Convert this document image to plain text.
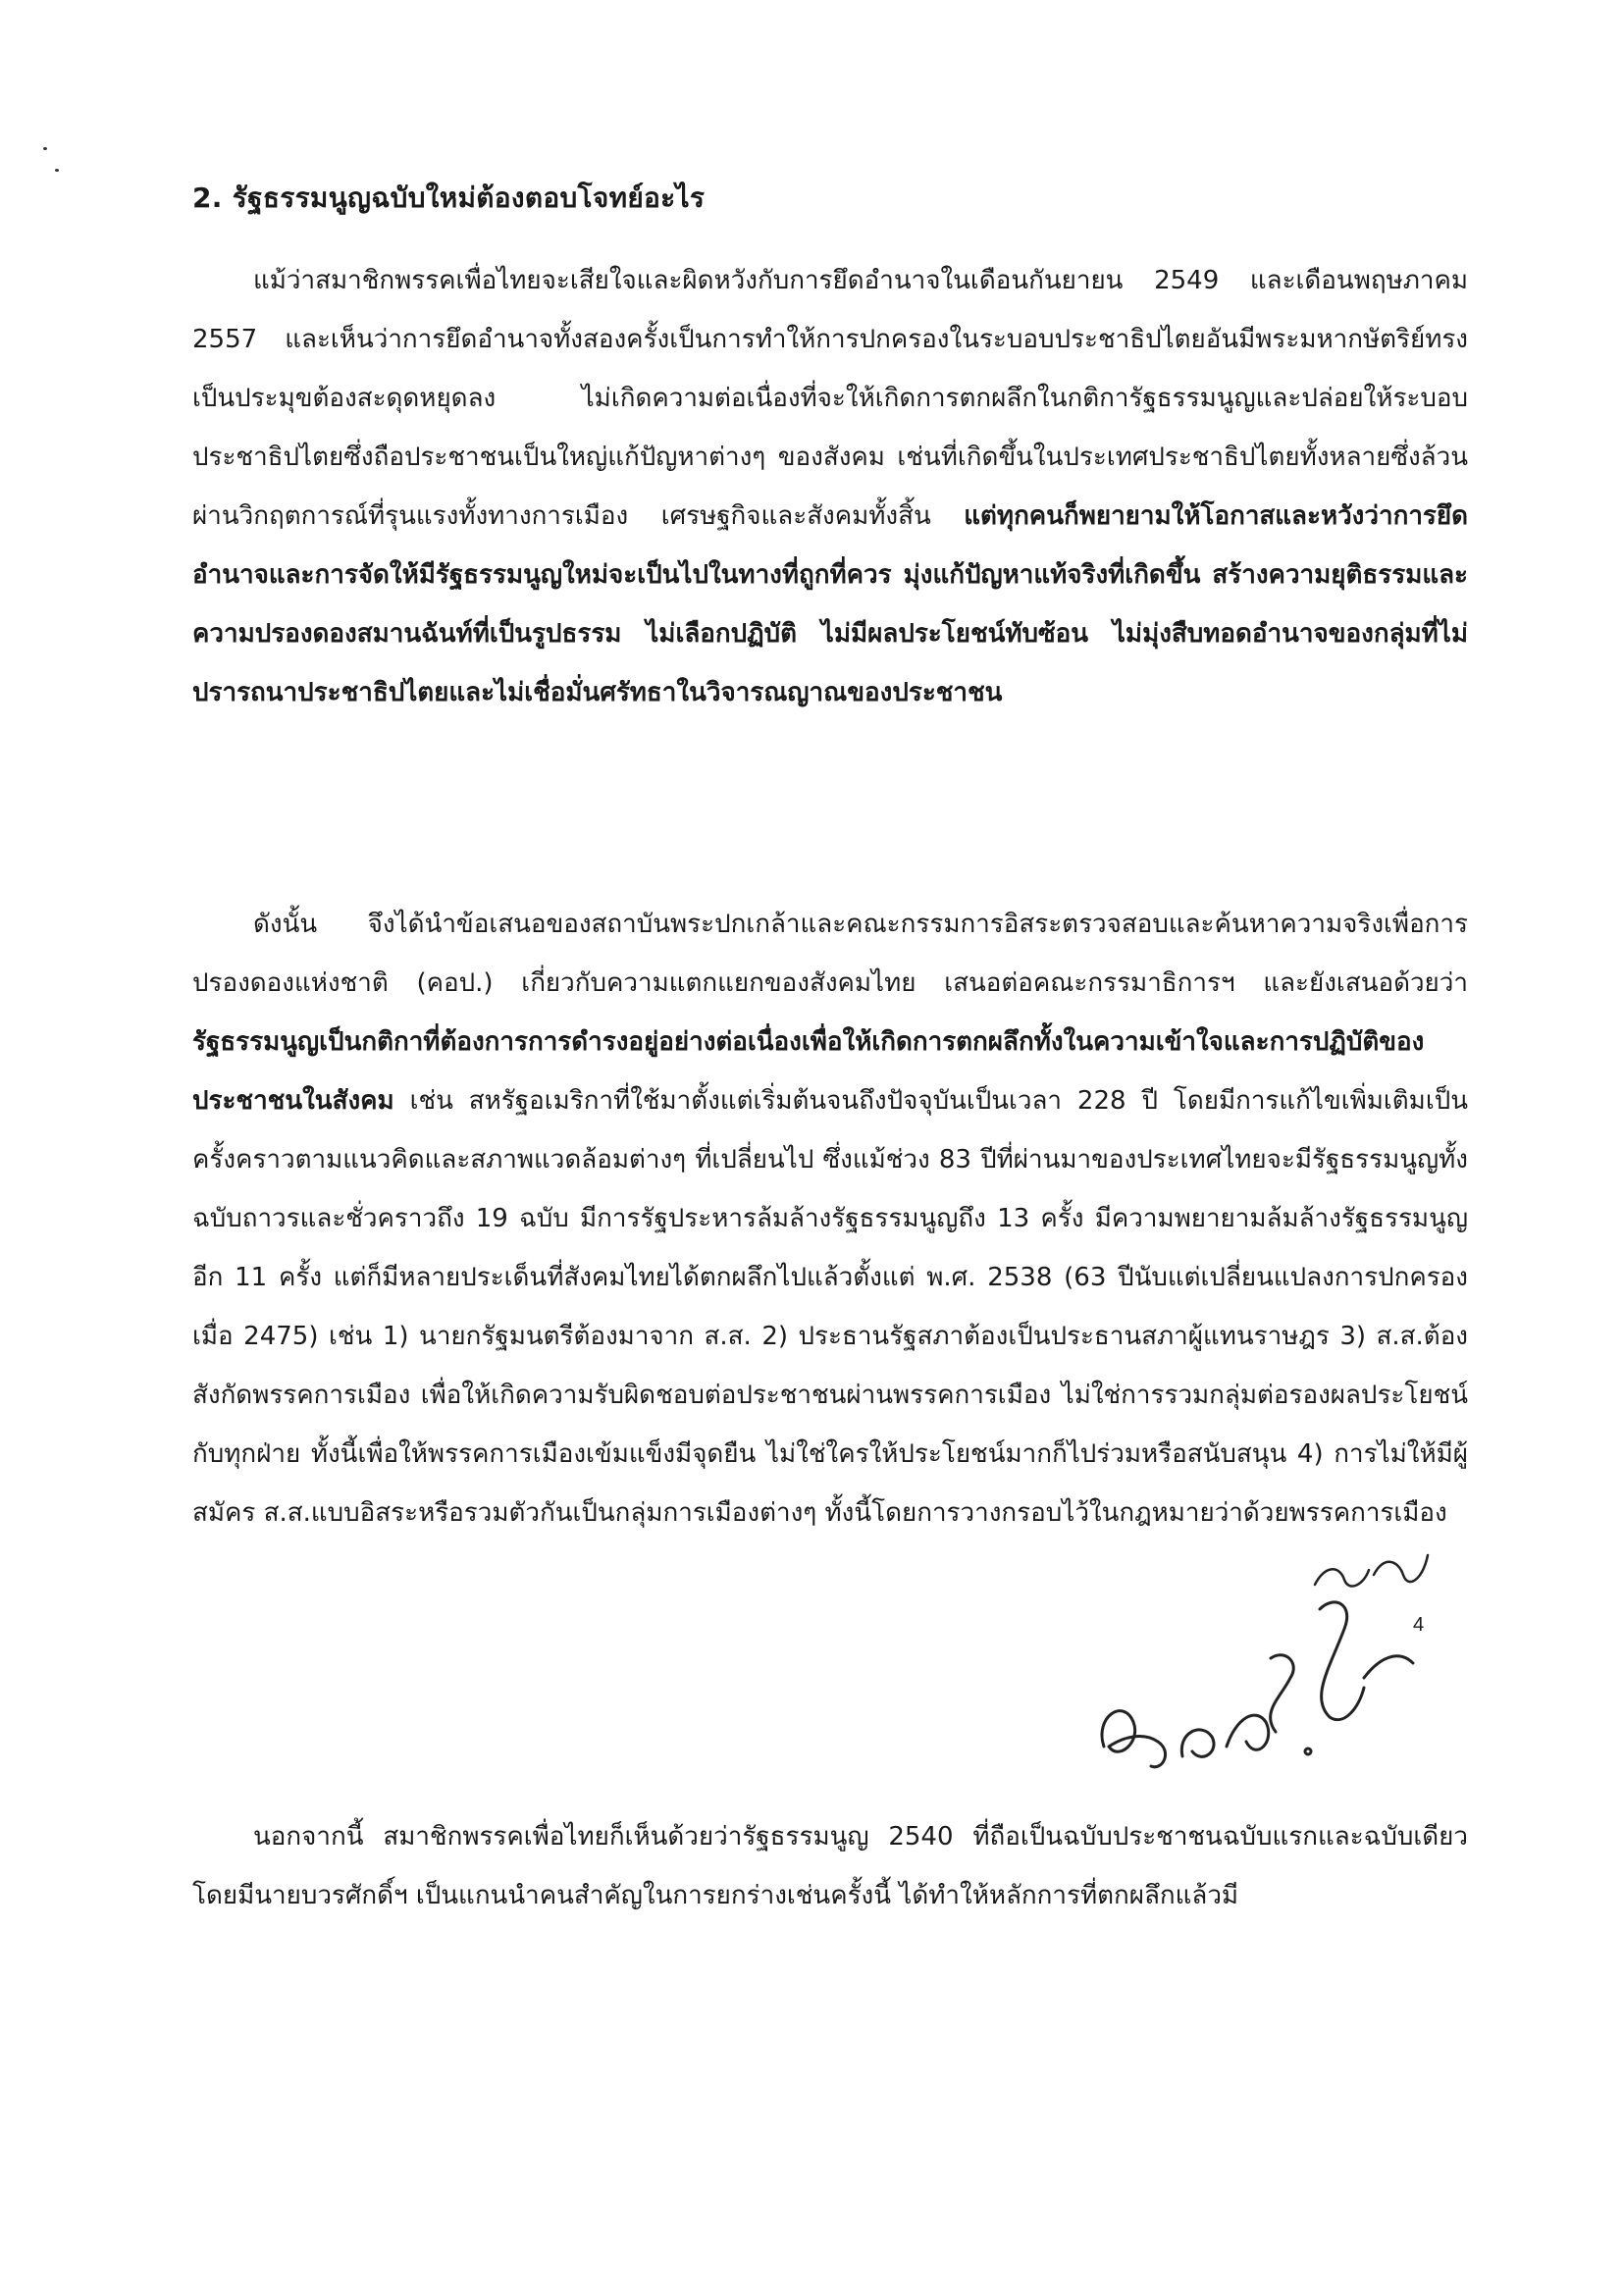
2. รัฐธรรมนูญฉบับใหม่ต้องตอบโจทย์อะไร

แม้ว่าสมาชิกพรรคเพื่อไทยจะเสียใจและผิดหวังกับการยึดอำนาจในเดือนกันยายน 2549 และเดือนพฤษภาคม 2557 และเห็นว่าการยึดอำนาจทั้งสองครั้งเป็นการทำให้การปกครองในระบอบประชาธิปไตยอันมีพระมหากษัตริย์ทรงเป็นประมุขต้องสะดุดหยุดลง ไม่เกิดความต่อเนื่องที่จะให้เกิดการตกผลึกในกติการัฐธรรมนูญและปล่อยให้ระบอบประชาธิปไตยซึ่งถือประชาชนเป็นใหญ่แก้ปัญหาต่างๆ ของสังคม เช่นที่เกิดขึ้นในประเทศประชาธิปไตยทั้งหลายซึ่งล้วนผ่านวิกฤตการณ์ที่รุนแรงทั้งทางการเมือง เศรษฐกิจและสังคมทั้งสิ้น แต่ทุกคนก็พยายามให้โอกาสและหวังว่าการยึดอำนาจและการจัดให้มีรัฐธรรมนูญใหม่จะเป็นไปในทางที่ถูกที่ควร มุ่งแก้ปัญหาแท้จริงที่เกิดขึ้น สร้างความยุติธรรมและความปรองดองสมานฉันท์ที่เป็นรูปธรรม ไม่เลือกปฏิบัติ ไม่มีผลประโยชน์ทับซ้อน ไม่มุ่งสืบทอดอำนาจของกลุ่มที่ไม่ปรารถนาประชาธิปไตยและไม่เชื่อมั่นศรัทธาในวิจารณญาณของประชาชน

ดังนั้น จึงได้นำข้อเสนอของสถาบันพระปกเกล้าและคณะกรรมการอิสระตรวจสอบและค้นหาความจริงเพื่อการปรองดองแห่งชาติ (คอป.) เกี่ยวกับความแตกแยกของสังคมไทย เสนอต่อคณะกรรมาธิการฯ และยังเสนอด้วยว่า รัฐธรรมนูญเป็นกติกาที่ต้องการการดำรงอยู่อย่างต่อเนื่องเพื่อให้เกิดการตกผลึกทั้งในความเข้าใจและการปฏิบัติของประชาชนในสังคม เช่น สหรัฐอเมริกาที่ใช้มาตั้งแต่เริ่มต้นจนถึงปัจจุบันเป็นเวลา 228 ปี โดยมีการแก้ไขเพิ่มเติมเป็นครั้งคราวตามแนวคิดและสภาพแวดล้อมต่างๆ ที่เปลี่ยนไป ซึ่งแม้ช่วง 83 ปีที่ผ่านมาของประเทศไทยจะมีรัฐธรรมนูญทั้งฉบับถาวรและชั่วคราวถึง 19 ฉบับ มีการรัฐประหารล้มล้างรัฐธรรมนูญถึง 13 ครั้ง มีความพยายามล้มล้างรัฐธรรมนูญอีก 11 ครั้ง แต่ก็มีหลายประเด็นที่สังคมไทยได้ตกผลึกไปแล้วตั้งแต่ พ.ศ. 2538 (63 ปีนับแต่เปลี่ยนแปลงการปกครองเมื่อ 2475) เช่น 1) นายกรัฐมนตรีต้องมาจาก ส.ส. 2) ประธานรัฐสภาต้องเป็นประธานสภาผู้แทนราษฎร 3) ส.ส.ต้องสังกัดพรรคการเมือง เพื่อให้เกิดความรับผิดชอบต่อประชาชนผ่านพรรคการเมือง ไม่ใช่การรวมกลุ่มต่อรองผลประโยชน์กับทุกฝ่าย ทั้งนี้เพื่อให้พรรคการเมืองเข้มแข็งมีจุดยืน ไม่ใช่ใครให้ประโยชน์มากก็ไปร่วมหรือสนับสนุน 4) การไม่ให้มีผู้สมัคร ส.ส.แบบอิสระหรือรวมตัวกันเป็นกลุ่มการเมืองต่างๆ ทั้งนี้โดยการวางกรอบไว้ในกฎหมายว่าด้วยพรรคการเมือง

4

นอกจากนี้ สมาชิกพรรคเพื่อไทยก็เห็นด้วยว่ารัฐธรรมนูญ 2540 ที่ถือเป็นฉบับประชาชนฉบับแรกและฉบับเดียวโดยมีนายบวรศักดิ์ฯ เป็นแกนนำคนสำคัญในการยกร่างเช่นครั้งนี้ ได้ทำให้หลักการที่ตกผลึกแล้วมี
